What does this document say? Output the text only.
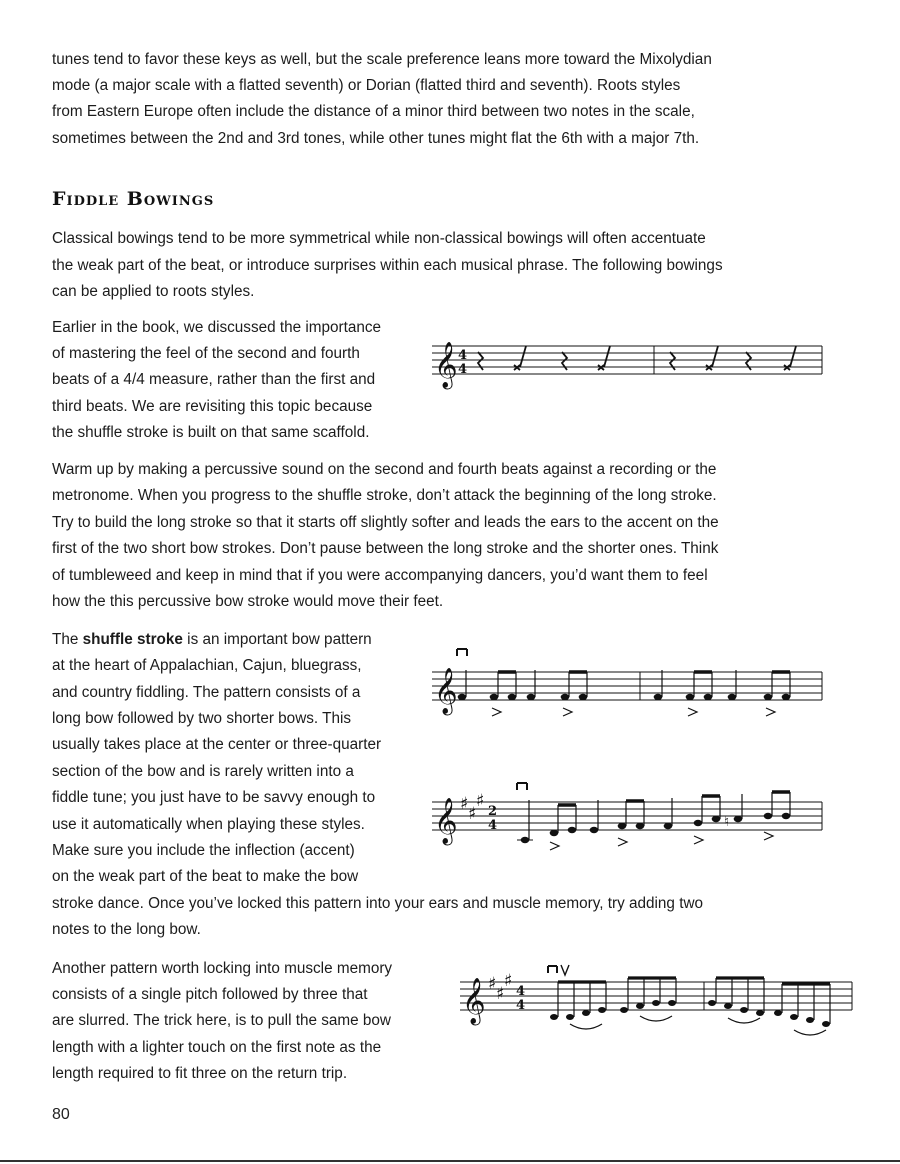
tunes tend to favor these keys as well, but the scale preference leans more toward the Mixolydian

mode (a major scale with a flatted seventh) or Dorian (flatted third and seventh). Roots styles

from Eastern Europe often include the distance of a minor third between two notes in the scale,

sometimes between the 2nd and 3rd tones, while other tunes might flat the 6th with a major 7th.

Fiddle Bowings

Classical bowings tend to be more symmetrical while non-classical bowings will often accentuate

the weak part of the beat, or introduce surprises within each musical phrase. The following bowings

can be applied to roots styles.

Earlier in the book, we discussed the importance

of mastering the feel of the second and fourth

beats of a 4/4 measure, rather than the first and

third beats. We are revisiting this topic because

the shuffle stroke is built on that same scaffold.

𝄞 4
4

Warm up by making a percussive sound on the second and fourth beats against a recording or the

metronome. When you progress to the shuffle stroke, don’t attack the beginning of the long stroke.

Try to build the long stroke so that it starts off slightly softer and leads the ears to the accent on the

first of the two short bow strokes. Don’t pause between the long stroke and the shorter ones. Think

of tumbleweed and keep in mind that if you were accompanying dancers, you’d want them to feel

how the this percussive bow stroke would move their feet.

The shuffle stroke is an important bow pattern

at the heart of Appalachian, Cajun, bluegrass,

and country fiddling. The pattern consists of a

long bow followed by two shorter bows. This

usually takes place at the center or three-quarter

section of the bow and is rarely written into a

fiddle tune; you just have to be savvy enough to

use it automatically when playing these styles.

Make sure you include the inflection (accent)

on the weak part of the beat to make the bow

stroke dance. Once you’ve locked this pattern into your ears and muscle memory, try adding two

notes to the long bow.

𝄞
𝄞 ♯ ♯
♯
2
4	♮

Another pattern worth locking into muscle memory

consists of a single pitch followed by three that

are slurred. The trick here, is to pull the same bow

length with a lighter touch on the first note as the

length required to fit three on the return trip.

𝄞 ♯ ♯
♯
4
4
80
